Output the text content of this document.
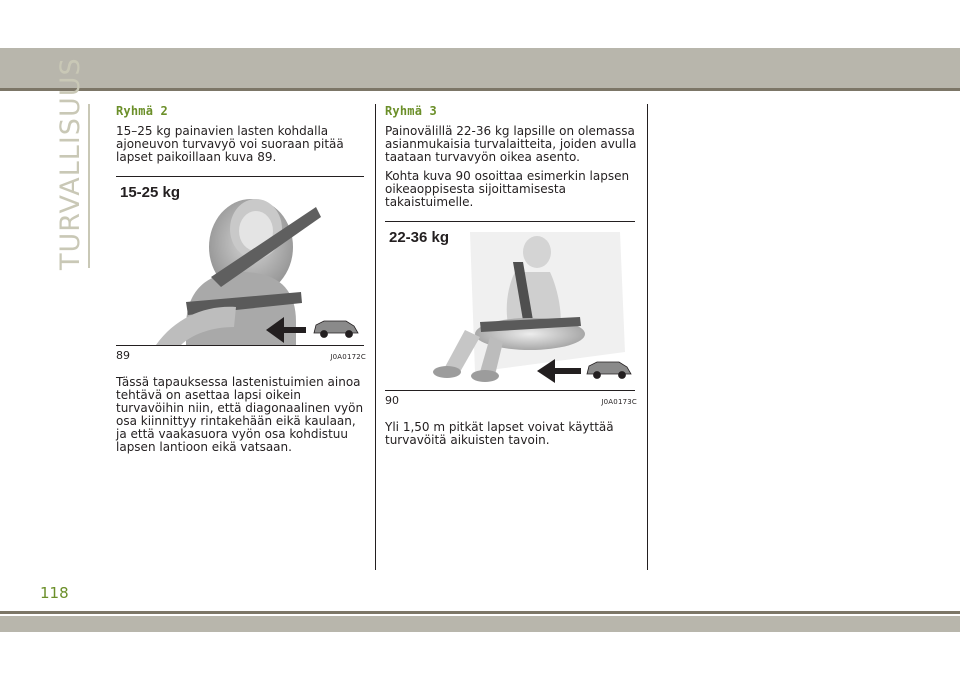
TURVALLISUUS	Ryhmä 2

15–25 kg painavien lasten kohdalla ajoneuvon turvavyö voi suoraan pitää lapset paikoillaan kuva 89.

15-25 kg
89	J0A0172C

Tässä tapauksessa lastenistuimien ainoa tehtävä on asettaa lapsi oikein turvavöihin niin, että diagonaalinen vyön osa kiinnittyy rintakehään eikä kaulaan, ja että vaakasuora vyön osa kohdistuu lapsen lantioon eikä vatsaan.

Ryhmä 3

Painovälillä 22-36 kg lapsille on olemassa asianmukaisia turvalaitteita, joiden avulla taataan turvavyön oikea asento.

Kohta kuva 90 osoittaa esimerkin lapsen oikeaoppisesta sijoittamisesta takaistuimelle.

22-36 kg
90	J0A0173C

Yli 1,50 m pitkät lapset voivat käyttää turvavöitä aikuisten tavoin.

118
